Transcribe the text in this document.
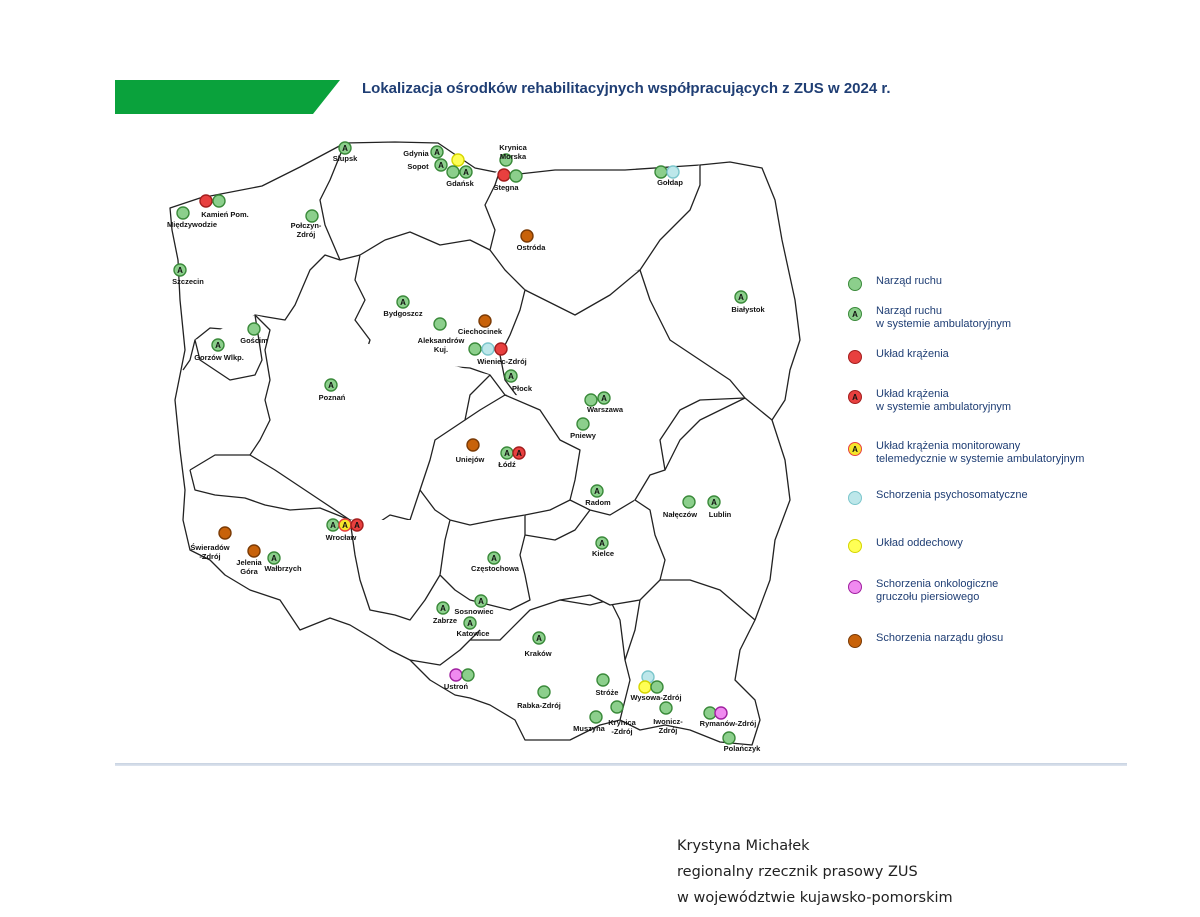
Lokalizacja ośrodków rehabilitacyjnych współpracujących z ZUS w 2024 r.
A	A
A
A
A
A
A
A
A
A
A
A A
A
A
A A A
A	A
A
A
A
A
A
Słupsk
Gdynia
Sopot
Gdańsk
Krynica Morska
Stegna
Gołdap
Kamień Pom.
Międzywodzie	Połczyn-Zdrój
Ostróda
Szczecin
Białystok
Bydgoszcz
Ciechocinek
Aleksandrów Kuj.
Wieniec-Zdrój
Gościm
Gorzów Wlkp.
Płock
Poznań
Warszawa
Pniewy
Uniejów
Łódź
Radom
Nałęczów Lublin
Wrocław
Świeradów -Zdrój
Jelenia Góra Wałbrzych	Częstochowa
Kielce
Sosnowiec
Zabrze
Katowice
Kraków
Ustroń
Rabka-Zdrój
Stróże
Wysowa-Zdrój
Muszyna
Krynica -Zdrój
Iwonicz-Zdrój
Rymanów-Zdrój
Polańczyk
Narząd ruchu
A	Narząd ruchu
w systemie ambulatoryjnym
Układ krążenia
A	Układ krążenia
w systemie ambulatoryjnym
A	Układ krążenia monitorowany
telemedycznie w systemie ambulatoryjnym
Schorzenia psychosomatyczne
Układ oddechowy
Schorzenia onkologiczne
gruczołu piersiowego
Schorzenia narządu głosu
Krystyna Michałek
regionalny rzecznik prasowy ZUS
w województwie kujawsko-pomorskim
